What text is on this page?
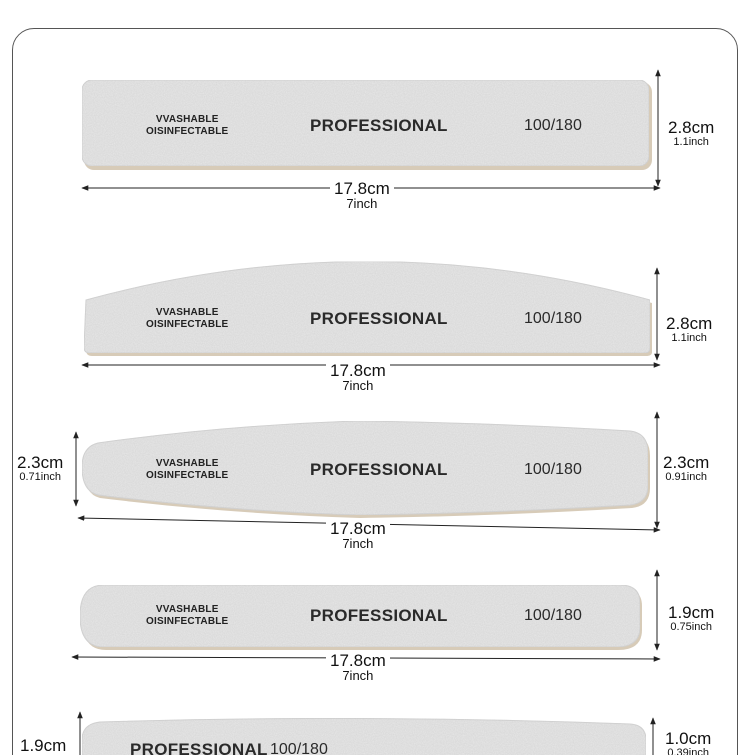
VVASHABLE
OISINFECTABLE	PROFESSIONAL	100/180
17.8cm
7inch
2.8cm
1.1inch
VVASHABLE
OISINFECTABLE	PROFESSIONAL	100/180
17.8cm
7inch
2.8cm
1.1inch
VVASHABLE
OISINFECTABLE	PROFESSIONAL	100/180
17.8cm
7inch
2.3cm
0.71inch
2.3cm
0.91inch
VVASHABLE
OISINFECTABLE	PROFESSIONAL	100/180
17.8cm
7inch
1.9cm
0.75inch
PROFESSIONAL 100/180
1.9cm	1.0cm
0.39inch
